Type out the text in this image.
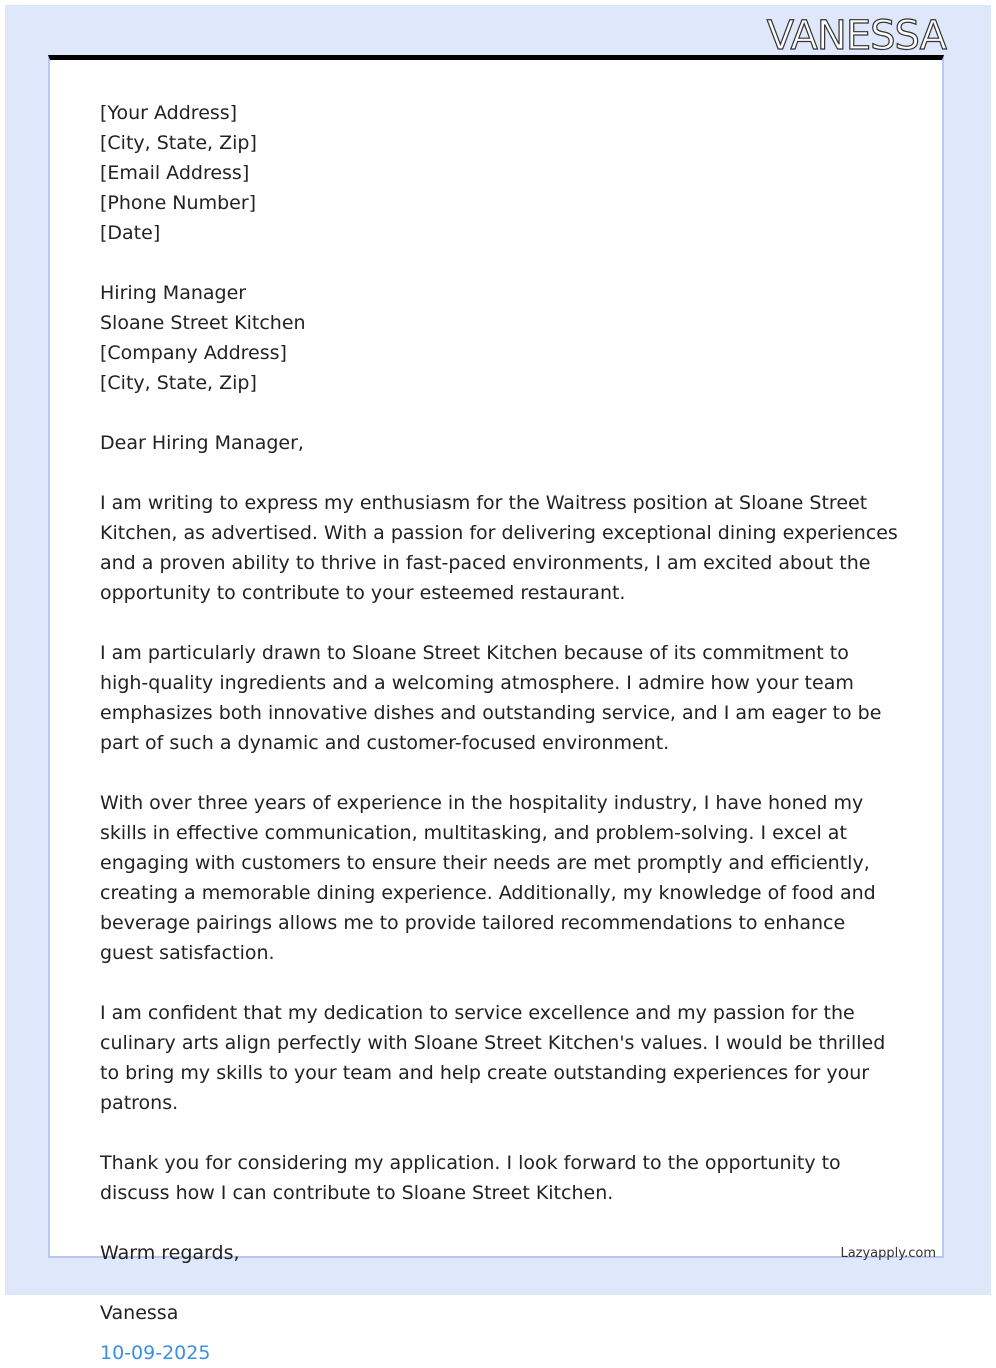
VANESSA
[Your Address]
[City, State, Zip]
[Email Address]
[Phone Number]
[Date]
Hiring Manager
Sloane Street Kitchen
[Company Address]
[City, State, Zip]

Dear Hiring Manager,

I am writing to express my enthusiasm for the Waitress position at Sloane Street Kitchen, as advertised. With a passion for delivering exceptional dining experiences and a proven ability to thrive in fast-paced environments, I am excited about the opportunity to contribute to your esteemed restaurant.

I am particularly drawn to Sloane Street Kitchen because of its commitment to high-quality ingredients and a welcoming atmosphere. I admire how your team emphasizes both innovative dishes and outstanding service, and I am eager to be part of such a dynamic and customer-focused environment.

With over three years of experience in the hospitality industry, I have honed my skills in effective communication, multitasking, and problem-solving. I excel at engaging with customers to ensure their needs are met promptly and efficiently, creating a memorable dining experience. Additionally, my knowledge of food and beverage pairings allows me to provide tailored recommendations to enhance guest satisfaction.

I am confident that my dedication to service excellence and my passion for the culinary arts align perfectly with Sloane Street Kitchen's values. I would be thrilled to bring my skills to your team and help create outstanding experiences for your patrons.

Thank you for considering my application. I look forward to the opportunity to discuss how I can contribute to Sloane Street Kitchen.

Warm regards,

Vanessa
10-09-2025
Lazyapply.com
